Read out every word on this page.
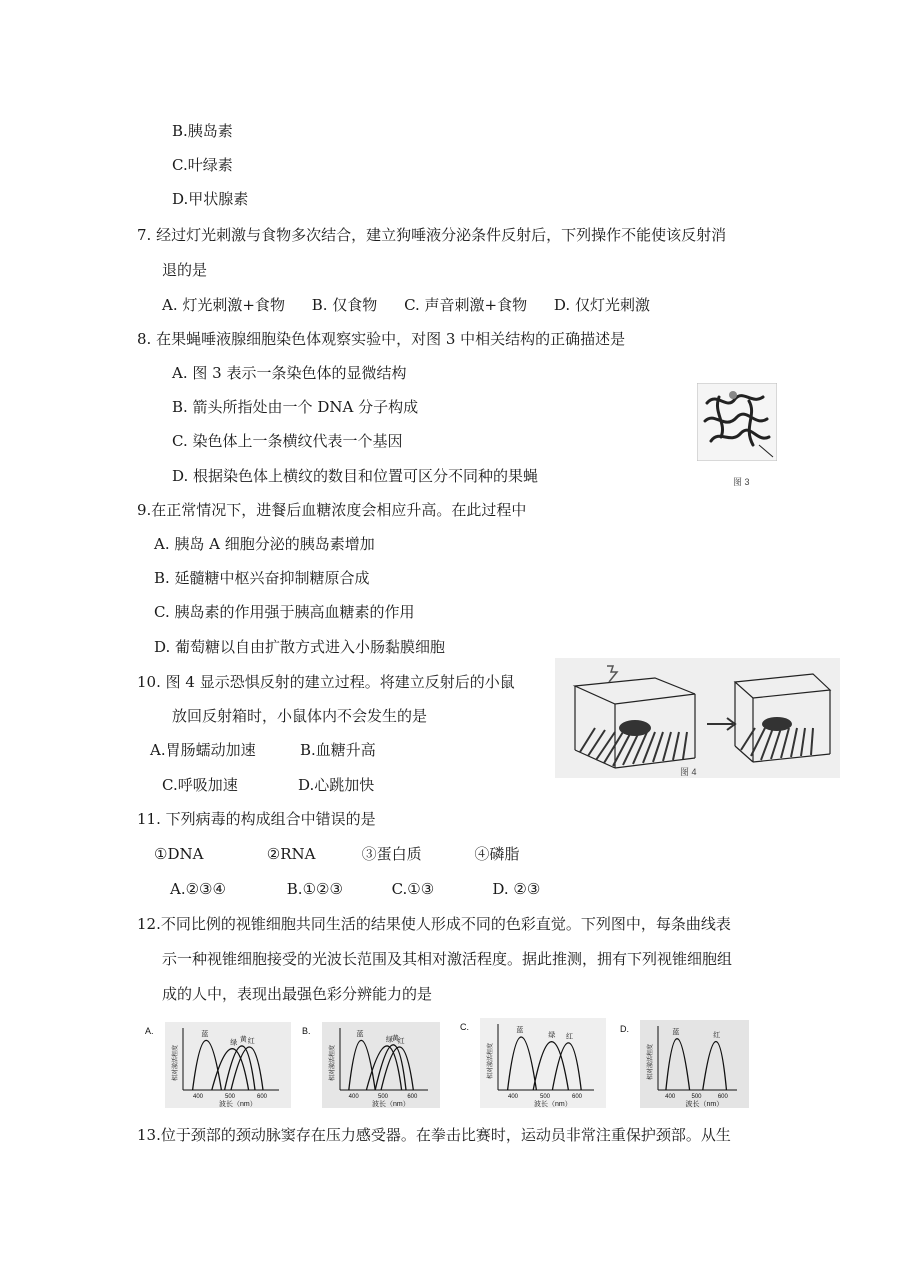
B.胰岛素
C.叶绿素
D.甲状腺素
7. 经过灯光刺激与食物多次结合，建立狗唾液分泌条件反射后，下列操作不能使该反射消
退的是
A. 灯光刺激+食物 B. 仅食物 C. 声音刺激+食物 D. 仅灯光刺激
8. 在果蝇唾液腺细胞染色体观察实验中，对图 3 中相关结构的正确描述是
A. 图 3 表示一条染色体的显微结构
B. 箭头所指处由一个 DNA 分子构成
C. 染色体上一条横纹代表一个基因
D. 根据染色体上横纹的数目和位置可区分不同种的果蝇	图 3
9.在正常情况下，进餐后血糖浓度会相应升高。在此过程中
A. 胰岛 A 细胞分泌的胰岛素增加
B. 延髓糖中枢兴奋抑制糖原合成
C. 胰岛素的作用强于胰高血糖素的作用
D. 葡萄糖以自由扩散方式进入小肠黏膜细胞
10. 图 4 显示恐惧反射的建立过程。将建立反射后的小鼠
放回反射箱时，小鼠体内不会发生的是
A.胃肠蠕动加速	B.血糖升高
C.呼吸加速	D.心跳加快
图 4
11. 下列病毒的构成组合中错误的是
①DNA	②RNA	③蛋白质	④磷脂
A.②③④	B.①②③	C.①③	D. ②③
12.不同比例的视锥细胞共同生活的结果使人形成不同的色彩直觉。下列图中，每条曲线表
示一种视锥细胞接受的光波长范围及其相对激活程度。据此推测，拥有下列视锥细胞组
成的人中，表现出最强色彩分辨能力的是
A.
相对激活程度
400	500	600
波长（nm）
蓝
绿 黄 红
B.
相对激活程度
400	500	600
波长（nm）
蓝
绿
黄
红
C.
相对激活程度
400	500	600
波长（nm）
蓝
绿 红
D.
相对激活程度
400	500	600
波长（nm）
蓝	红
13.位于颈部的颈动脉窦存在压力感受器。在拳击比赛时，运动员非常注重保护颈部。从生
